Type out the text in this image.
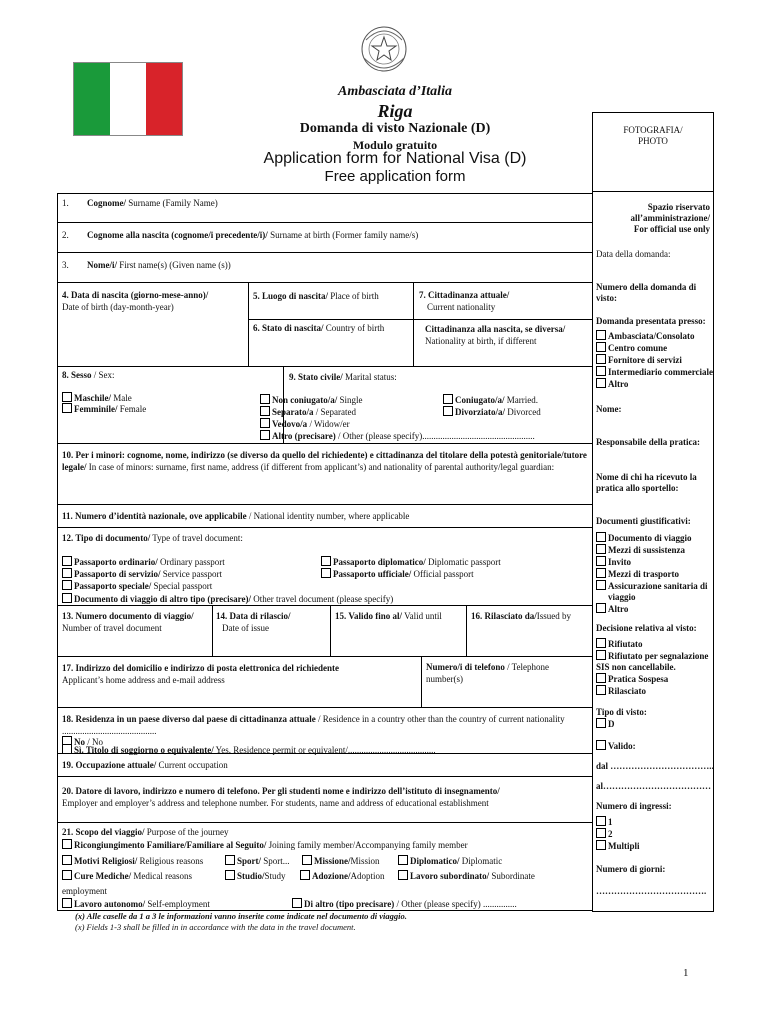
Ambasciata d’Italia
Riga
Domanda di visto Nazionale (D)
Modulo gratuito
Application form for National Visa (D)
Free application form
FOTOGRAFIA/
PHOTO
1. Cognome/ Surname (Family Name)
2. Cognome alla nascita (cognome/i precedente/i)/ Surname at birth (Former family name/s)
3. Nome/i/ First name(s) (Given name (s))
4. Data di nascita (giorno-mese-anno)/
Date of birth (day-month-year)
5. Luogo di nascita/ Place of birth
6. Stato di nascita/ Country of birth
7. Cittadinanza attuale/
Current nationality
Cittadinanza alla nascita, se diversa/
Nationality at birth, if different
8. Sesso / Sex:
Maschile/ Male
Femminile/ Female
9. Stato civile/ Marital status:
Non coniugato/a/ Single
Separato/a / Separated
Vedovo/a / Widow/er
Altro (precisare) / Other (please specify)..................................................
Coniugato/a/ Married.
Divorziato/a/ Divorced
10. Per i minori: cognome, nome, indirizzo (se diverso da quello del richiedente) e cittadinanza del titolare della potestà genitoriale/tutore legale/ In case of minors: surname, first name, address (if different from applicant’s) and nationality of parental authority/legal guardian:
11. Numero d’identità nazionale, ove applicabile / National identity number, where applicable
12. Tipo di documento/ Type of travel document:
Passaporto ordinario/ Ordinary passport
Passaporto di servizio/ Service passport
Passaporto speciale/ Special passport
Documento di viaggio di altro tipo (precisare)/ Other travel document (please specify)
Passaporto diplomatico/ Diplomatic passport
Passaporto ufficiale/ Official passport
13. Numero documento di viaggio/
Number of travel document
14. Data di rilascio/
Date of issue
15. Valido fino al/ Valid until	16. Rilasciato da/Issued by
17. Indirizzo del domicilio e indirizzo di posta elettronica del richiedente
Applicant’s home address and e-mail address
Numero/i di telefono / Telephone number(s)
18. Residenza in un paese diverso dal paese di cittadinanza attuale / Residence in a country other than the country of current nationality ..........................................
No / No
Sì. Titolo di soggiorno o equivalente/ Yes. Residence permit or equivalent/.......................................
19. Occupazione attuale/ Current occupation
20. Datore di lavoro, indirizzo e numero di telefono. Per gli studenti nome e indirizzo dell’istituto di insegnamento/
Employer and employer’s address and telephone number. For students, name and address of educational establishment
21. Scopo del viaggio/ Purpose of the journey
Ricongiungimento Familiare/Familiare al Seguito/ Joining family member/Accompanying family member
Motivi Religiosi/ Religious reasons	Sport/ Sport...	Missione/Mission	Diplomatico/ Diplomatic
Cure Mediche/ Medical reasons	Studio/Study	Adozione/Adoption	Lavoro subordinato/ Subordinate
employment
Lavoro autonomo/ Self-employment	Di altro (tipo precisare) / Other (please specify) ...............
(x) Alle caselle da 1 a 3 le informazioni vanno inserite come indicate nel documento di viaggio.
(x) Fields 1-3 shall be filled in in accordance with the data in the travel document.
Spazio riservato
all’amministrazione/
For official use only
Data della domanda:
Numero della domanda di
visto:
Domanda presentata presso:
Ambasciata/Consolato
Centro comune
Fornitore di servizi
Intermediario commerciale
Altro
Nome:
Responsabile della pratica:
Nome di chi ha ricevuto la
pratica allo sportello:
Documenti giustificativi:
Documento di viaggio
Mezzi di sussistenza
Invito
Mezzi di trasporto
Assicurazione sanitaria di
viaggio
Altro
Decisione relativa al visto:
Rifiutato
Rifiutato per segnalazione
SIS non cancellabile.
Pratica Sospesa
Rilasciato
Tipo di visto:
D
Valido:
dal ……………………………..
al………………………………
Numero di ingressi:
1
2
Multipli
Numero di giorni:
……………………………….
1
